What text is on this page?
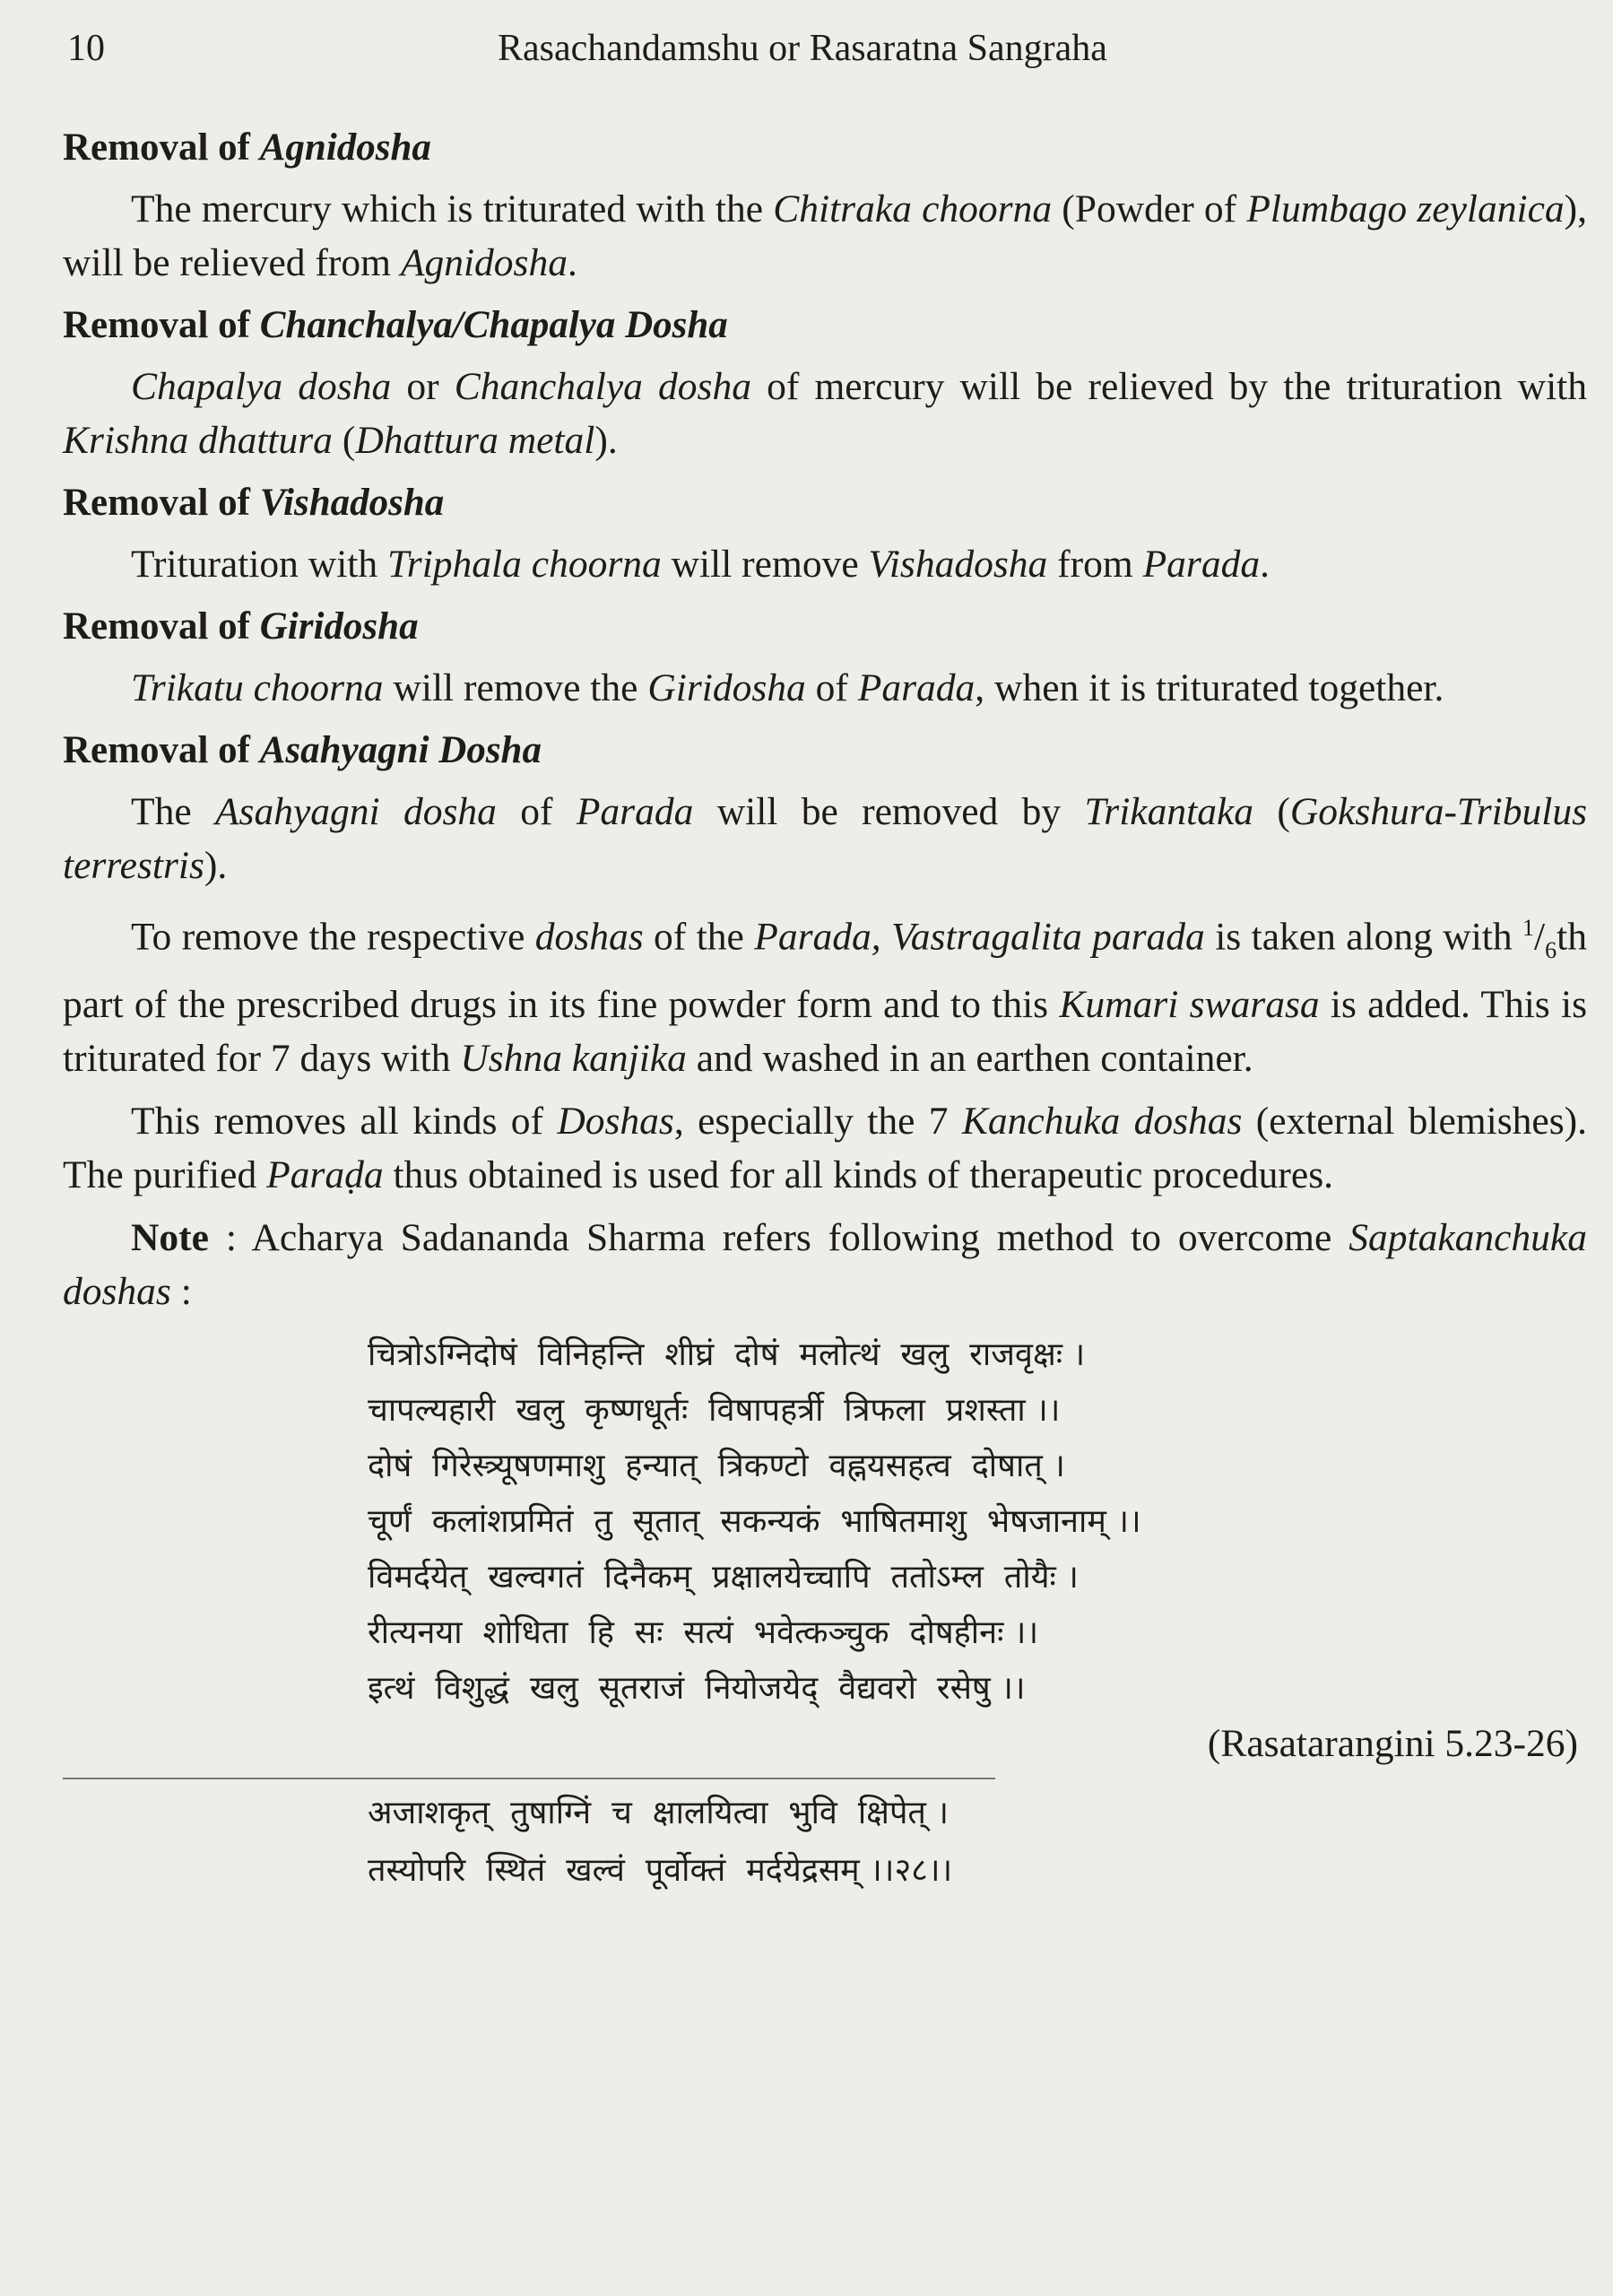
10	Rasachandamshu or Rasaratna Sangraha
Removal of Agnidosha

The mercury which is triturated with the Chitraka choorna (Powder of Plumbago zeylanica), will be relieved from Agnidosha.

Removal of Chanchalya/Chapalya Dosha

Chapalya dosha or Chanchalya dosha of mercury will be relieved by the trituration with Krishna dhattura (Dhattura metal).

Removal of Vishadosha

Trituration with Triphala choorna will remove Vishadosha from Parada.

Removal of Giridosha

Trikatu choorna will remove the Giridosha of Parada, when it is triturated together.

Removal of Asahyagni Dosha

The Asahyagni dosha of Parada will be removed by Trikantaka (Gokshura-Tribulus terrestris).

To remove the respective doshas of the Parada, Vastragalita parada is taken along with $^1/_6th$ part of the prescribed drugs in its fine powder form and to this Kumari swarasa is added. This is triturated for 7 days with Ushna kanjika and washed in an earthen container.

This removes all kinds of Doshas, especially the 7 Kanchuka doshas (external blemishes). The purified Paraḍa thus obtained is used for all kinds of therapeutic procedures.

Note : Acharya Sadananda Sharma refers following method to overcome Saptakanchuka doshas :

चित्रोऽग्निदोषं  विनिहन्ति  शीघ्रं  दोषं  मलोत्थं  खलु  राजवृक्षः ।
चापल्यहारी  खलु  कृष्णधूर्तः  विषापहर्त्री  त्रिफला  प्रशस्ता ।।
दोषं  गिरेस्त्र्यूषणमाशु  हन्यात्  त्रिकण्टो  वह्नयसहत्व  दोषात् ।
चूर्णं  कलांशप्रमितं  तु  सूतात्  सकन्यकं  भाषितमाशु  भेषजानाम् ।।
विमर्दयेत्  खल्वगतं  दिनैकम्  प्रक्षालयेच्चापि  ततोऽम्ल  तोयैः ।
रीत्यनया  शोधिता  हि  सः  सत्यं  भवेत्कञ्चुक  दोषहीनः ।।
इत्थं  विशुद्धं  खलु  सूतराजं  नियोजयेद्  वैद्यवरो  रसेषु ।।
(Rasatarangini 5.23-26)
अजाशकृत्  तुषाग्निं  च  क्षालयित्वा  भुवि  क्षिपेत् ।
तस्योपरि  स्थितं  खल्वं  पूर्वोक्तं  मर्दयेद्रसम् ।।२८।।
